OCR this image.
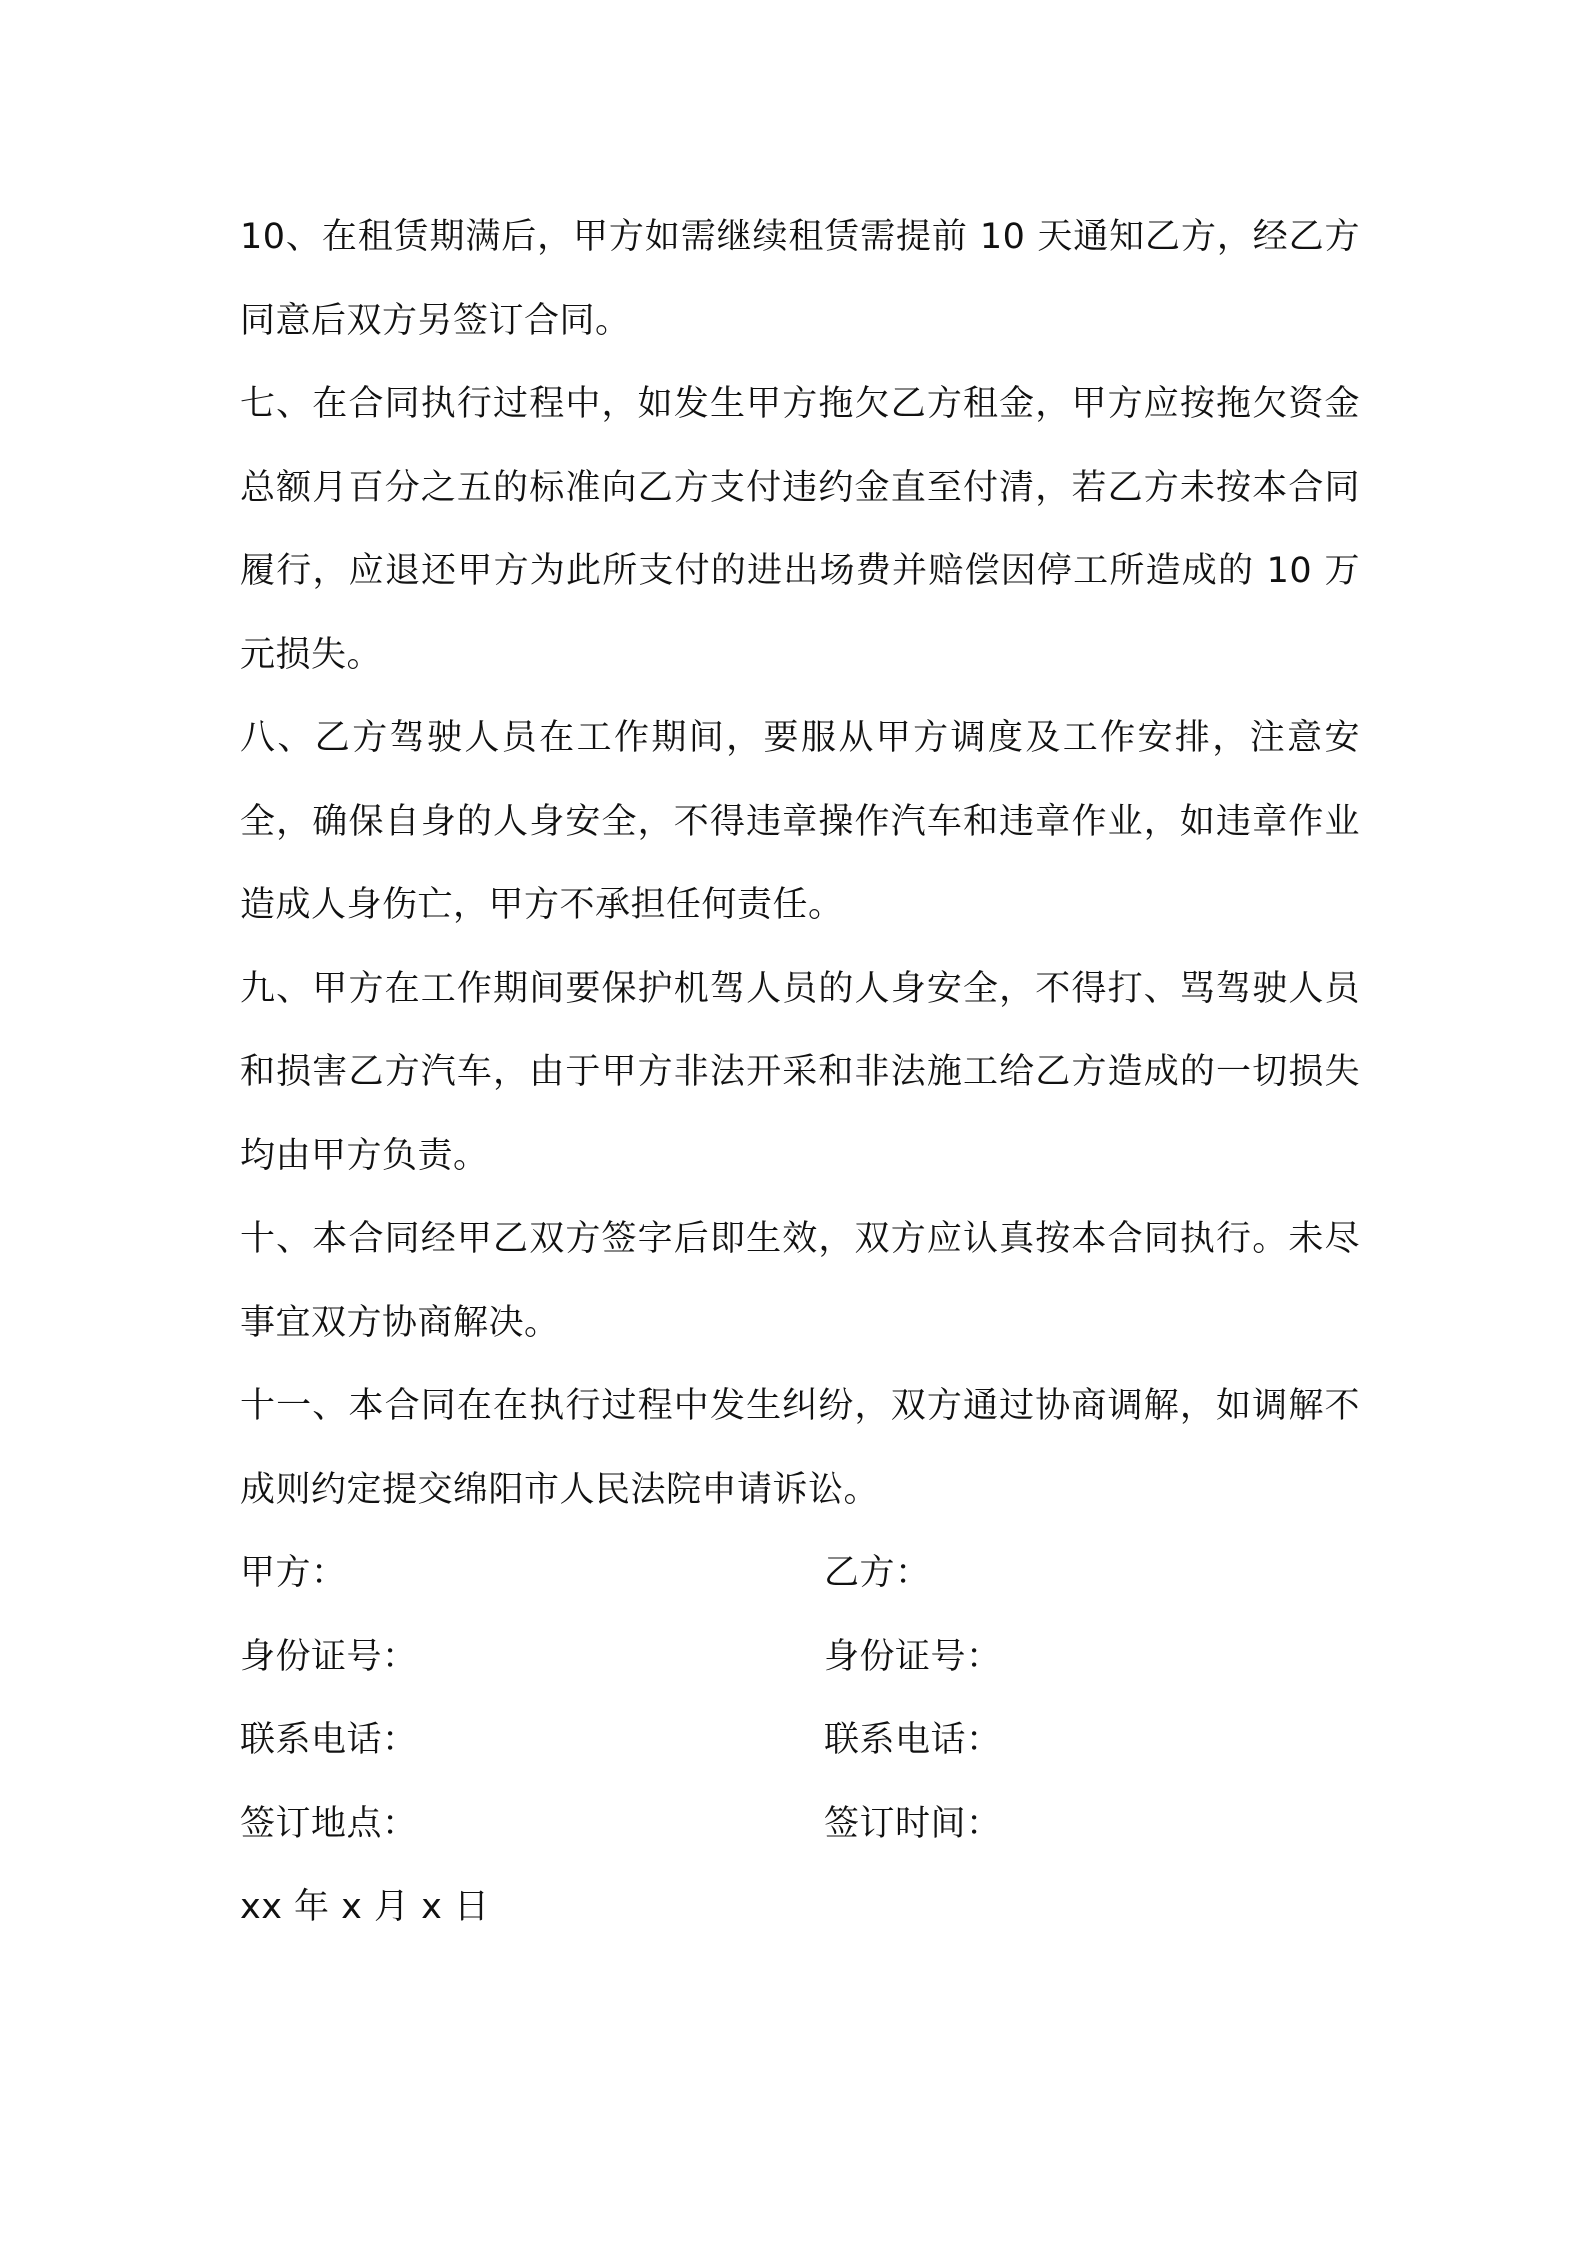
10、在租赁期满后，甲方如需继续租赁需提前 10 天通知乙方，经乙方同意后双方另签订合同。

七、在合同执行过程中，如发生甲方拖欠乙方租金，甲方应按拖欠资金总额月百分之五的标准向乙方支付违约金直至付清，若乙方未按本合同履行，应退还甲方为此所支付的进出场费并赔偿因停工所造成的 10 万元损失。

八、乙方驾驶人员在工作期间，要服从甲方调度及工作安排，注意安全，确保自身的人身安全，不得违章操作汽车和违章作业，如违章作业造成人身伤亡，甲方不承担任何责任。

九、甲方在工作期间要保护机驾人员的人身安全，不得打、骂驾驶人员和损害乙方汽车，由于甲方非法开采和非法施工给乙方造成的一切损失均由甲方负责。

十、本合同经甲乙双方签字后即生效，双方应认真按本合同执行。未尽事宜双方协商解决。

十一、本合同在在执行过程中发生纠纷，双方通过协商调解，如调解不成则约定提交绵阳市人民法院申请诉讼。

甲方：	乙方：
身份证号：	身份证号：
联系电话：	联系电话：
签订地点：	签订时间：

xx 年 x 月 x 日
